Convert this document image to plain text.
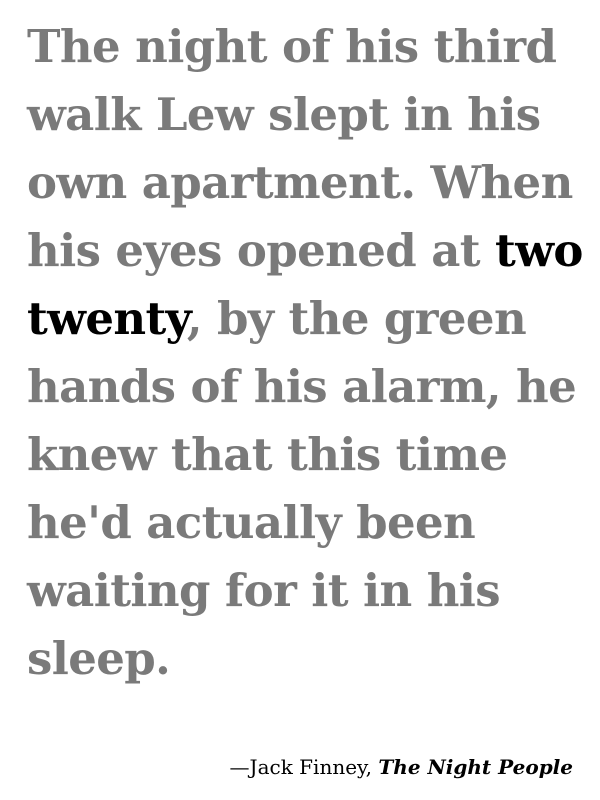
The night of his third
walk Lew slept in his
own apartment. When
his eyes opened at two
twenty, by the green
hands of his alarm, he
knew that this time
he'd actually been
waiting for it in his
sleep.

—Jack Finney, The Night People
